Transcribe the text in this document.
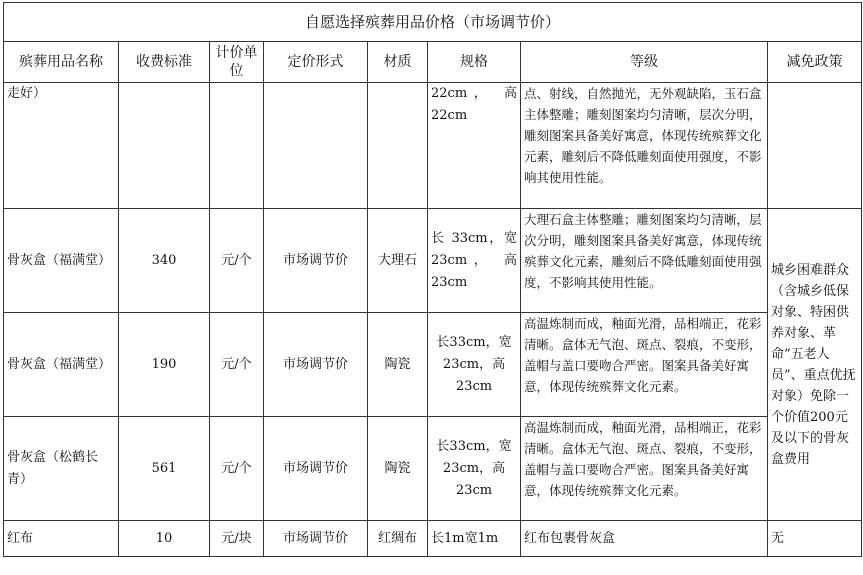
自愿选择殡葬用品价格（市场调节价）							
殡葬用品名称	收费标准	计价单位	定价形式	材质	规格	等级	减免政策
走好）					22cm， 高22cm	点、射线，自然抛光，无外观缺陷，玉石盒主体整雕；雕刻图案均匀清晰，层次分明，雕刻图案具备美好寓意，体现传统殡葬文化元素，雕刻后不降低雕刻面使用强度，不影响其使用性能。	
骨灰盒（福满堂）	340	元/个	市场调节价	大理石	长 33cm，宽23cm， 高23cm	大理石盒主体整雕；雕刻图案均匀清晰，层次分明，雕刻图案具备美好寓意，体现传统殡葬文化元素，雕刻后不降低雕刻面使用强度，不影响其使用性能。	城乡困难群众（含城乡低保对象、特困供养对象、革命“五老人员”、重点优抚对象）免除一个价值200元及以下的骨灰盒费用
骨灰盒（福满堂）	190	元/个	市场调节价	陶瓷	长33cm，宽23cm，高23cm	高温炼制而成，釉面光滑，品相端正，花彩清晰。盒体无气泡、斑点、裂痕，不变形，盖帽与盖口要吻合严密。图案具备美好寓意，体现传统殡葬文化元素。	
骨灰盒（松鹤长青）	561	元/个	市场调节价	陶瓷	长33cm，宽23cm，高23cm	高温炼制而成，釉面光滑，品相端正，花彩清晰。盒体无气泡、斑点、裂痕，不变形，盖帽与盖口要吻合严密。图案具备美好寓意，体现传统殡葬文化元素。	
红布	10	元/块	市场调节价	红绸布	长1m宽1m	红布包裹骨灰盒	无
